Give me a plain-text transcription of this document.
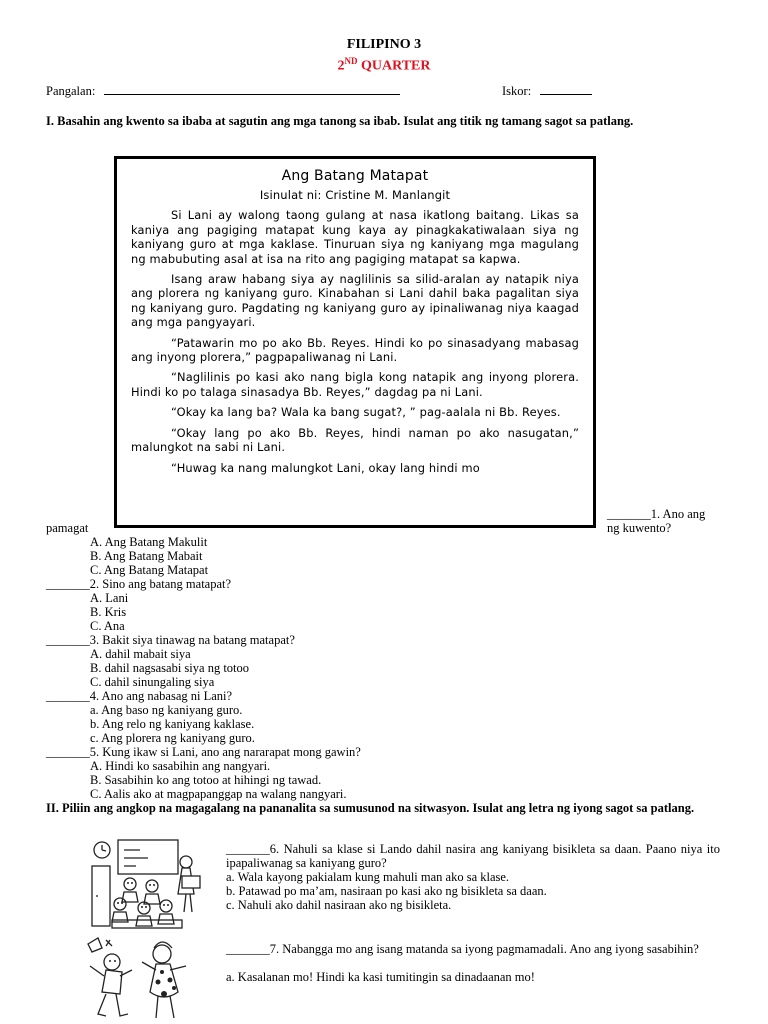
FILIPINO 3
2ND QUARTER
Pangalan:	Iskor:
I. Basahin ang kwento sa ibaba at sagutin ang mga tanong sa ibab. Isulat ang titik ng tamang sagot sa patlang.
Ang Batang Matapat
Isinulat ni: Cristine M. Manlangit

Si Lani ay walong taong gulang at nasa ikatlong baitang. Likas sa kaniya ang pagiging matapat kung kaya ay pinagkakatiwalaan siya ng kaniyang guro at mga kaklase. Tinuruan siya ng kaniyang mga magulang ng mabubuting asal at isa na rito ang pagiging matapat sa kapwa.

Isang araw habang siya ay naglilinis sa silid-aralan ay natapik niya ang plorera ng kaniyang guro. Kinabahan si Lani dahil baka pagalitan siya ng kaniyang guro. Pagdating ng kaniyang guro ay ipinaliwanag niya kaagad ang mga pangyayari.

“Patawarin mo po ako Bb. Reyes. Hindi ko po sinasadyang mabasag ang inyong plorera,” pagpapaliwanag ni Lani.

“Naglilinis po kasi ako nang bigla kong natapik ang inyong plorera. Hindi ko po talaga sinasadya Bb. Reyes,” dagdag pa ni Lani.

“Okay ka lang ba? Wala ka bang sugat?, ” pag-aalala ni Bb. Reyes.

“Okay lang po ako Bb. Reyes, hindi naman po ako nasugatan,” malungkot na sabi ni Lani.

“Huwag ka nang malungkot Lani, okay lang hindi mo

_______1. Ano ang
ng kuwento?
pamagat
A. Ang Batang Makulit
B. Ang Batang Mabait
C. Ang Batang Matapat
_______2. Sino ang batang matapat?
A. Lani
B. Kris
C. Ana
_______3. Bakit siya tinawag na batang matapat?
A. dahil mabait siya
B. dahil nagsasabi siya ng totoo
C. dahil sinungaling siya
_______4. Ano ang nabasag ni Lani?
a. Ang baso ng kaniyang guro.
b. Ang relo ng kaniyang kaklase.
c. Ang plorera ng kaniyang guro.
_______5. Kung ikaw si Lani, ano ang nararapat mong gawin?
A. Hindi ko sasabihin ang nangyari.
B. Sasabihin ko ang totoo at hihingi ng tawad.
C. Aalis ako at magpapanggap na walang nangyari.
II. Piliin ang angkop na magagalang na pananalita sa sumusunod na sitwasyon. Isulat ang letra ng iyong sagot sa patlang.
_______6. Nahuli sa klase si Lando dahil nasira ang kaniyang bisikleta sa daan. Paano niya ito ipapaliwanag sa kaniyang guro?
a. Wala kayong pakialam kung mahuli man ako sa klase.
b. Patawad po ma’am, nasiraan po kasi ako ng bisikleta sa daan.
c. Nahuli ako dahil nasiraan ako ng bisikleta.
_______7. Nabangga mo ang isang matanda sa iyong pagmamadali. Ano ang iyong sasabihin?
a. Kasalanan mo! Hindi ka kasi tumitingin sa dinadaanan mo!
